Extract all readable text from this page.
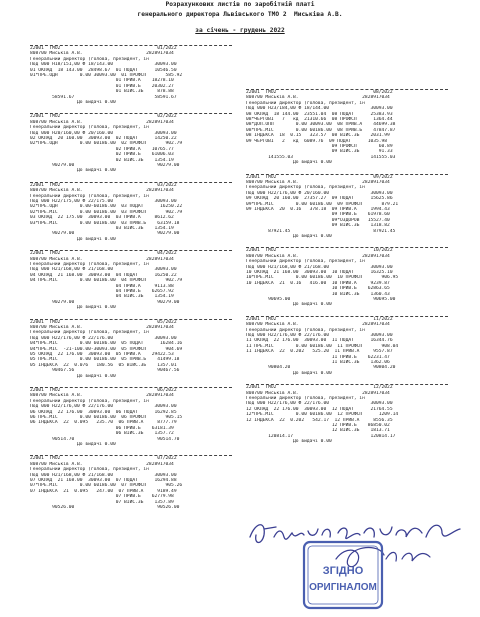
Розрахункових листів по заробітній платі
генерального директора Львівського ТМО 2  Миськіва А.В.
за січень - грудень 2022
22001  ТМО2                                   01/2022
808700 Миськів А.В.                       2828917034
Генеральний директор (голова, президент, ін
Под 000 Н18/151,00 Ф 18/143.00               30093.00
01 ОКЛАД  18 143.00  28498.67  01 ПОДАТ      10546.50
01*ПРЕ.ОДН        0.00 30093.00  01 ПРОФСП       585.92
01 ПРИВ.А    18278.10
01 ПРИВ.Б    20302.27
01 ВІЙС.ЗБ     878.88
58591.67                             58591.67
До видачі 0.00
22001  ТМО2                                   02/2022
808700 Миськів А.В.                       2828917034
Генеральний директор (голова, президент, ін
Под 000 Н20/160,00 Ф 20/160.00               30093.00
02 ОКЛАД  20 160.00  30093.00  02 ПОДАТ      14250.22
02*ПРЕ.ОДН        0.00 60186.00  02 ПРОФСП       902.79
02 ПРИВ.А    10765.77
02 ПРИВ.Б    61006.03
02 ВІЙС.ЗБ    1354.19
90279.00                              90279.00
До видачі 0.00
22001  ТМО2                                   03/2022
808700 Миськів А.В.                       2828917034
Генеральний директор (голова, президент, ін
Под 000 Н22/175,00 Ф 22/175.00               30093.00
02*ПРЕ.ОДН        0.00-60186.00  03 ПОДАТ      16250.22
02*ПРЕ.МІС        0.00 60186.00  03 ПРОФСП       902.79
03 ОКЛАД  22 175.00  30093.00  03 ПРИВ.А     8612.62
03*ПРЕ.МІС        0.00 60186.00  03 ПРИВ.Б    63159.18
03 ВІЙС.ЗБ    1354.19
90279.00                              90279.00
До видачі 0.00
22001  ТМО2                                   04/2022
808700 Миськів А.В.                       2828917034
Генеральний директор (голова, президент, ін
Под 000 Н21/168,00 Ф 21/168.00               30093.00
04 ОКЛАД  21 168.00  30093.00  04 ПОДАТ      16250.22
04 ПРЕ.МІС        0.00 60186.00  04 ПРОФСП       902.79
04 ПРИВ.А     9113.88
04 ПРИВ.Б    62657.92
04 ВІЙС.ЗБ    1354.19
90279.00                              90279.00
До видачі 0.00
22001  ТМО2                                   05/2022
808700 Миськів А.В.                       2828917034
Генеральний директор (голова, президент, ін
Под 000 Н22/176,00 Ф 22/176.00               30093.00
04*ПРЕ.МІС        0.00 60186.00  05 ПОДАТ      16284.16
04*ПРЕ.МІС  -21-100.00-30093.00  05 ПРОФСП       904.69
05 ОКЛАД  22 176.00  30093.00  05 ПРИВ.А    29422.53
05 ПРЕ.МІС        0.00 60186.00  05 ПРИВ.Б    41499.18
05 ІНДЕКСА  22  0.076   180.56  05 ВІЙС.ЗБ    1357.01
90467.56                              90467.56
До видачі 0.00
22001  ТМО2                                   06/2022
808700 Миськів А.В.                       2828917034
Генеральний директор (голова, президент, ін
Под 000 Н22/176,00 Ф 22/176.00               30093.00
06 ОКЛАД  22 176.00  30093.00  06 ПОДАТ      16292.85
06 ПРЕ.МІС        0.00 60186.00  06 ПРОФСП       905.15
06 ІНДЕКСА  22  0.095   235.70  06 ПРИВ.А     8777.79
06 ПРИВ.Б    63181.39
06 ВІЙС.ЗБ    1357.72
90514.70                              90514.70
До видачі 0.00
22001  ТМО2                                   07/2022
808700 Миськів А.В.                       2828917034
Генеральний директор (голова, президент, ін
Под 000 Н21/168,00 Ф 21/168.00               30093.00
07 ОКЛАД  21 168.00  30093.00  07 ПОДАТ      16294.88
07*ПРЕ.МІС        0.00 60186.00  07 ПРОФСП       905.26
07 ІНДЕКСА  21  0.095   247.00  07 ПРИВ.А     9189.49
07 ПРИВ.Б    62779.98
07 ВІЙС.ЗБ    1357.89
90526.00                              90526.00
22001  ТМО2                                   08/2022
808700 Миськів А.В.                       2828917034
Генеральний директор (голова, президент, ін
Под 000 Н23/184,00 Ф 18/144.00               30093.00
08 ОКЛАД  18 144.00  23551.04  08 ПОДАТ      25383.93
08*ЧЕРГОВІ   7   кд  21310.66  08 ПРОФСП      1364.44
08*ДОП.ОПЛ        0.00 30093.00  08 ПРИВ.А    44699.38
08*ПРЕ.МІС        0.00 60186.00  08 ПРИВ.Б    47847.87
08 ІНДЕКСА  18  0.15   323.57  08 ВІЙС.ЗБ    2031.99
09 ЧЕРГОВІ   2   кд  6089.76  09 ПОДАТ      1035.98
09 ПРОФСП        60.89
09 ВІЙС.ЗБ       91.33
141555.03                            141555.03
До видачі 0.00
22001  ТМО2                                   09/2022
808700 Миськів А.В.                       2828917034
Генеральний директор (голова, президент, ін
Под 000 Н22/176,00 Ф 20/160.00               30093.00
09 ОКЛАД  20 160.00  27357.27  09 ПОДАТ      15625.86
09*ПРЕ.МІС        0.00 60186.00  09 ПРОФСП       879.21
09 ІНДЕКСА  20  0.16   378.18  09 ПРИВ.А     1994.43
09 ПРИВ.Б    61978.60
09*ОЗДОРОВ   15527.40
09 ВІЙС.ЗБ    1318.82
87921.45                              87921.45
До видачі 0.00
22001  ТМО2                                   10/2022
808700 Миськів А.В.                       2828917034
Генеральний директор (голова, президент, ін
Под 000 Н21/168,00 Ф 21/168.00               30093.00
10 ОКЛАД  21 168.00  30093.00  10 ПОДАТ      16325.10
10*ПРЕ.МІС        0.00 60186.00  10 ПРОФСП       906.95
10 ІНДЕКСА  21  0.16   416.00  10 ПРИВ.А     9239.87
10 ПРИВ.Б    62863.65
10 ВІЙС.ЗБ    1360.43
90695.00                              90695.00
До видачі 0.00
22001  ТМО2                                   11/2022
808700 Миськів А.В.                       2828917034
Генеральний директор (голова, президент, ін
Под 000 Н22/176,00 Ф 22/176.00               30093.00
11 ОКЛАД  22 176.00  30093.00  11 ПОДАТ      16344.76
11 ПРЕ.МІС        0.00 60186.00  11 ПРОФСП       908.04
11 ІНДЕКСА  22  0.202   525.20  11 ПРИВ.А     9557.87
11 ПРИВ.Б    62231.47
11 ВІЙС.ЗБ    1362.06
90804.20                              90804.20
До видачі 0.00
22001  ТМО2                                   12/2022
808700 Миськів А.В.                       2828917034
Генеральний директор (голова, президент, ін
Под 000 Н22/176,00 Ф 22/176.00               30093.00
12 ОКЛАД  22 176.00  30093.00  12 ПОДАТ      21764.55
12*ПРЕ.МІС        0.00 60186.00  12 ПРОФСП      1209.14
12 ІНДЕКСА  22  0.202   542.17  12 ПРИВ.А     8556.35
12 ПРИВ.Б    86850.02
12 ВІЙС.ЗБ    1813.71
120814.17                            120814.17
До видачі 0.00
ЗГІДНО
ОРИГІНАЛОМ
